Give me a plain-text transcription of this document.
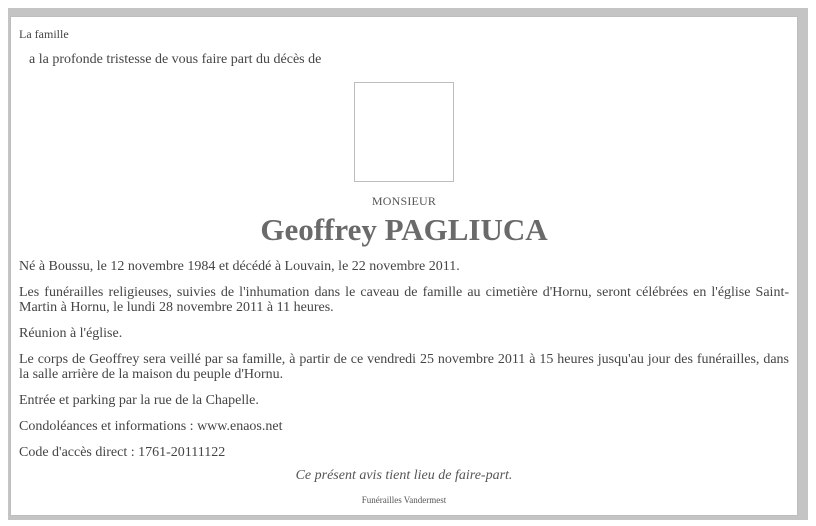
La famille
a la profonde tristesse de vous faire part du décès de
MONSIEUR
Geoffrey PAGLIUCA

Né à Boussu, le 12 novembre 1984 et décédé à Louvain, le 22 novembre 2011.

Les funérailles religieuses, suivies de l'inhumation dans le caveau de famille au cimetière d'Hornu, seront célébrées en l'église Saint-Martin à Hornu, le lundi 28 novembre 2011 à 11 heures.

Réunion à l'église.

Le corps de Geoffrey sera veillé par sa famille, à partir de ce vendredi 25 novembre 2011 à 15 heures jusqu'au jour des funérailles, dans la salle arrière de la maison du peuple d'Hornu.

Entrée et parking par la rue de la Chapelle.

Condoléances et informations : www.enaos.net

Code d'accès direct : 1761-20111122

Ce présent avis tient lieu de faire-part.
Funérailles Vandermest
